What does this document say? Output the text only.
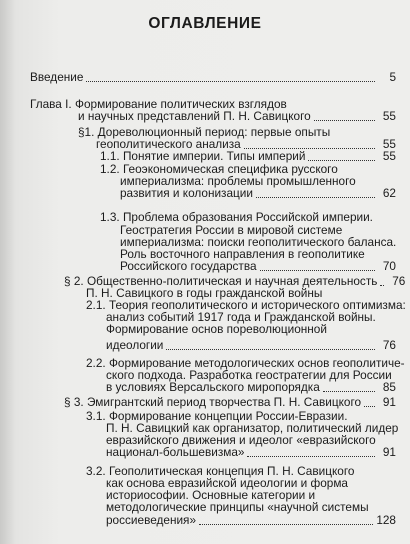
ОГЛАВЛЕНИЕ
Введение	5
Глава I. Формирование политических взглядов
и научных представлений П. Н. Савицкого	55
§1. Дореволюционный период: первые опыты
геополитического анализа	55
1.1. Понятие империи. Типы империй	55
1.2. Геоэкономическая специфика русского
империализма: проблемы промышленного
развития и колонизации	62
1.3. Проблема образования Российской империи.
Геостратегия России в мировой системе
империализма: поиски геополитического баланса.
Роль восточного направления в геополитике
Российского государства	70
§ 2. Общественно-политическая и научная деятельность	76
П. Н. Савицкого в годы гражданской войны
2.1. Теория геополитического и исторического оптимизма:
анализ событий 1917 года и Гражданской войны.
Формирование основ пореволюционной
идеологии	76
2.2. Формирование методологических основ геополитиче-
ского подхода. Разработка геостратегии для России
в условиях Версальского миропорядка	85
§ 3. Эмигрантский период творчества П. Н. Савицкого	91
3.1. Формирование концепции России-Евразии.
П. Н. Савицкий как организатор, политический лидер
евразийского движения и идеолог «евразийского
национал-большевизма»	91
3.2. Геополитическая концепция П. Н. Савицкого
как основа евразийской идеологии и форма
историософии. Основные категории и
методологические принципы «научной системы
россиеведения»	128
